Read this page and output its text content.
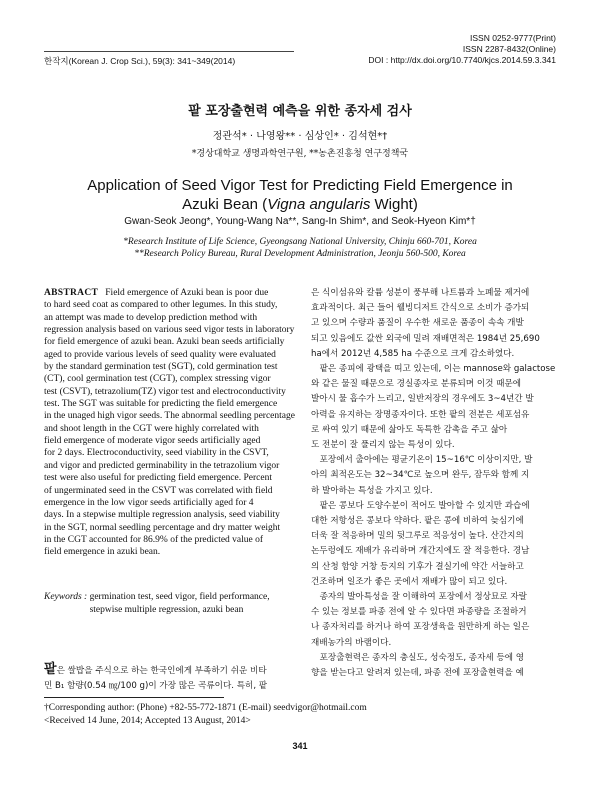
한작지(Korean J. Crop Sci.), 59(3): 341~349(2014)
ISSN 0252-9777(Print)
ISSN 2287-8432(Online)
DOI : http://dx.doi.org/10.7740/kjcs.2014.59.3.341
팥 포장출현력 예측을 위한 종자세 검사
정관석* · 나영왕** · 심상인* · 김석현*†
*경상대학교 생명과학연구원, **농촌진흥청 연구정책국
Application of Seed Vigor Test for Predicting Field Emergence in
Azuki Bean (Vigna angularis Wight)
Gwan-Seok Jeong*, Young-Wang Na**, Sang-In Shim*, and Seok-Hyeon Kim*†
*Research Institute of Life Science, Gyeongsang National University, Chinju 660-701, Korea
**Research Policy Bureau, Rural Development Administration, Jeonju 560-500, Korea
ABSTRACT Field emergence of Azuki bean is poor due
to hard seed coat as compared to other legumes. In this study,
an attempt was made to develop prediction method with
regression analysis based on various seed vigor tests in laboratory
for field emergence of azuki bean. Azuki bean seeds artificially
aged to provide various levels of seed quality were evaluated
by the standard germination test (SGT), cold germination test
(CT), cool germination test (CGT), complex stressing vigor
test (CSVT), tetrazolium(TZ) vigor test and electroconductivity
test. The SGT was suitable for predicting the field emergence
in the unaged high vigor seeds. The abnormal seedling percentage
and shoot length in the CGT were highly correlated with
field emergence of moderate vigor seeds artificially aged
for 2 days. Electroconductivity, seed viability in the CSVT,
and vigor and predicted germinability in the tetrazolium vigor
test were also useful for predicting field emergence. Percent
of ungerminated seed in the CSVT was correlated with field
emergence in the low vigor seeds artificially aged for 4
days. In a stepwise multiple regression analysis, seed viability
in the SGT, normal seedling percentage and dry matter weight
in the CGT accounted for 86.9% of the predicted value of
field emergence in azuki bean.
Keywords :
germination test, seed vigor, field performance,
stepwise multiple regression, azuki bean
팥은 쌀밥을 주식으로 하는 한국인에게 부족하기 쉬운 비타
민 B₁ 함량(0.54 ㎎/100 g)이 가장 많은 곡류이다. 특히, 팥

은 식이섬유와 칼륨 성분이 풍부해 나트륨과 노폐물 제거에
효과적이다. 최근 들어 웰빙디저트 간식으로 소비가 증가되
고 있으며 수량과 품질이 우수한 새로운 품종이 속속 개발
되고 있음에도 값싼 외국에 밀려 재배면적은 1984년 25,690
ha에서 2012년 4,585 ha 수준으로 크게 감소하였다.

팥은 종피에 광택을 띠고 있는데, 이는 mannose와 galactose
와 같은 물질 때문으로 경실종자로 분류되며 이것 때문에
발아시 물 흡수가 느리고, 일반저장의 경우에도 3~4년간 발
아력을 유지하는 장명종자이다. 또한 팥의 전분은 세포섬유
로 싸여 있기 때문에 삶아도 독특한 감촉을 주고 삶아
도 전분이 잘 풀리지 않는 특성이 있다.

포장에서 출아에는 평균기온이 15~16℃ 이상이지만, 발
아의 최적온도는 32~34℃로 높으며 완두, 잠두와 함께 지
하 발아하는 특성을 가지고 있다.

팥은 콩보다 도양수분이 적어도 발아할 수 있지만 과습에
대한 저항성은 콩보다 약하다. 팥은 콩에 비하여 늦심기에
더욱 잘 적응하며 밀의 뒷그루로 적응성이 높다. 산간지의
논두렁에도 재배가 유리하며 개간지에도 잘 적응한다. 경남
의 산청 함양 거창 등지의 기후가 결실기에 약간 서늘하고
건조하며 일조가 좋은 곳에서 재배가 많이 되고 있다.

종자의 발아특성을 잘 이해하여 포장에서 정상묘로 자랄
수 있는 정보를 파종 전에 알 수 있다면 파종량을 조절하거
나 종자처리를 하거나 하여 포장생육을 원만하게 하는 일은
재배농가의 바램이다.

포장출현력은 종자의 충실도, 성숙정도, 종자세 등에 영
향을 받는다고 알려져 있는데, 파종 전에 포장출현력을 예

†Corresponding author: (Phone) +82-55-772-1871 (E-mail) seedvigor@hotmail.com
<Received 14 June, 2014; Accepted 13 August, 2014>
341
